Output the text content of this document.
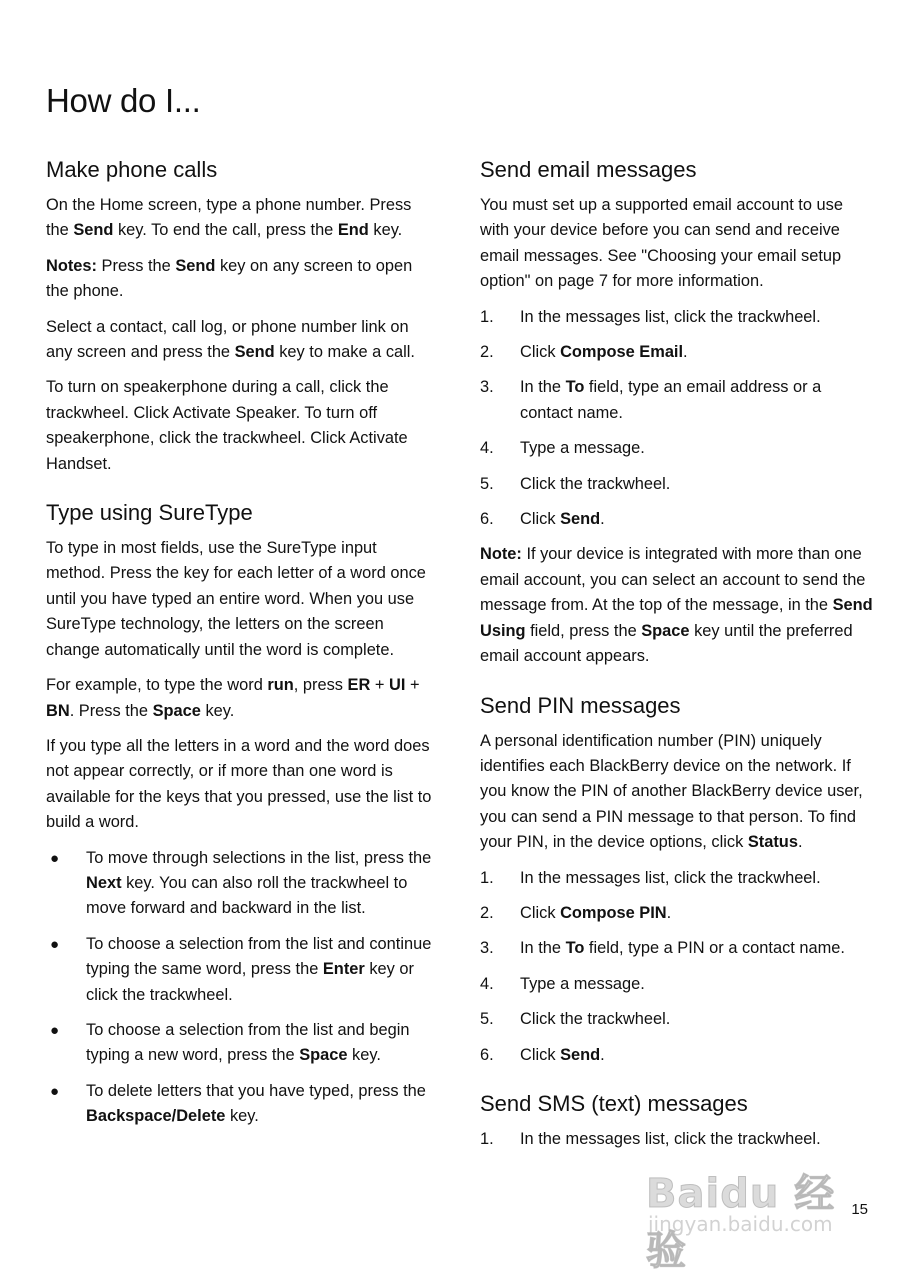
How do I...
Make phone calls

On the Home screen, type a phone number. Press the Send key. To end the call, press the End key.

Notes: Press the Send key on any screen to open the phone.

Select a contact, call log, or phone number link on any screen and press the Send key to make a call.

To turn on speakerphone during a call, click the trackwheel. Click Activate Speaker. To turn off speakerphone, click the trackwheel. Click Activate Handset.

Type using SureType

To type in most fields, use the SureType input method. Press the key for each letter of a word once until you have typed an entire word. When you use SureType technology, the letters on the screen change automatically until the word is complete.

For example, to type the word run, press ER + UI + BN. Press the Space key.

If you type all the letters in a word and the word does not appear correctly, or if more than one word is available for the keys that you pressed, use the list to build a word.

● To move through selections in the list, press the Next key. You can also roll the trackwheel to move forward and backward in the list.
● To choose a selection from the list and continue typing the same word, press the Enter key or click the trackwheel.
● To choose a selection from the list and begin typing a new word, press the Space key.
● To delete letters that you have typed, press the Backspace/Delete key.
Send email messages

You must set up a supported email account to use with your device before you can send and receive email messages. See "Choosing your email setup option" on page 7 for more information.

1. In the messages list, click the trackwheel.
2. Click Compose Email.
3. In the To field, type an email address or a contact name.
4. Type a message.
5. Click the trackwheel.
6. Click Send.

Note: If your device is integrated with more than one email account, you can select an account to send the message from. At the top of the message, in the Send Using field, press the Space key until the preferred email account appears.

Send PIN messages

A personal identification number (PIN) uniquely identifies each BlackBerry device on the network. If you know the PIN of another BlackBerry device user, you can send a PIN message to that person. To find your PIN, in the device options, click Status.

1. In the messages list, click the trackwheel.
2. Click Compose PIN.
3. In the To field, type a PIN or a contact name.
4. Type a message.
5. Click the trackwheel.
6. Click Send.
Send SMS (text) messages
1. In the messages list, click the trackwheel.
Baidu 经验
jingyan.baidu.com
15
